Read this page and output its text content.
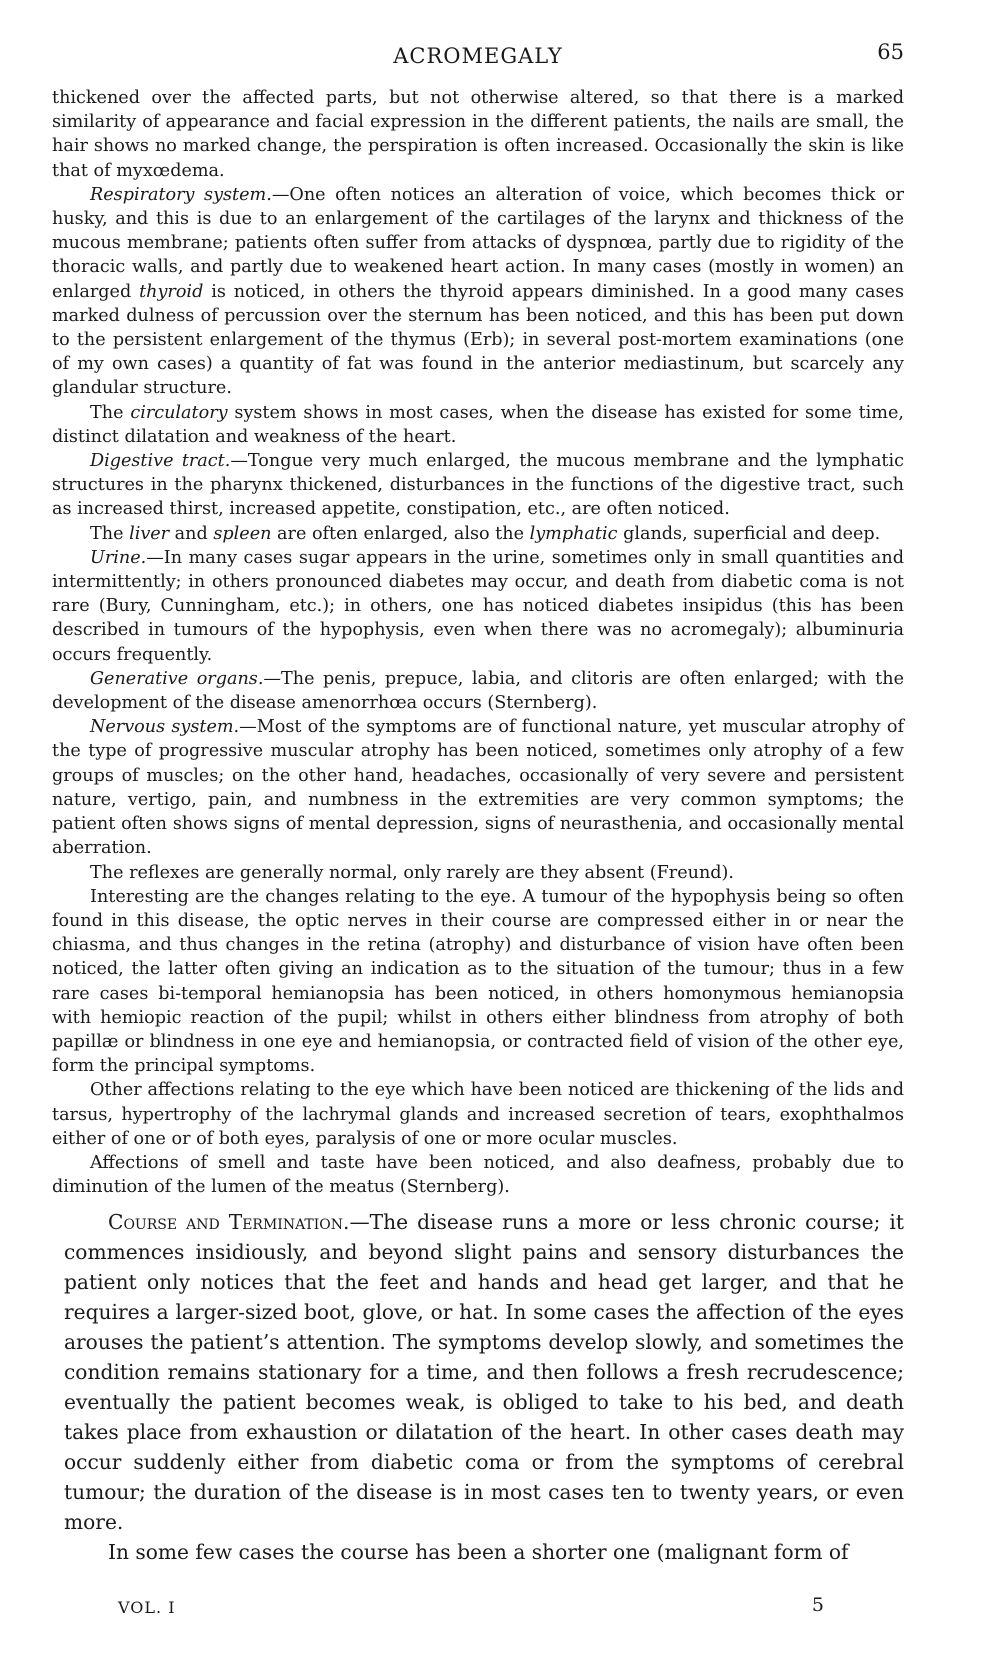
ACROMEGALY	65

thickened over the affected parts, but not otherwise altered, so that there is a marked similarity of appearance and facial expression in the different patients, the nails are small, the hair shows no marked change, the perspiration is often increased. Occasionally the skin is like that of myxœdema.

Respiratory system.—One often notices an alteration of voice, which becomes thick or husky, and this is due to an enlargement of the cartilages of the larynx and thickness of the mucous membrane; patients often suffer from attacks of dyspnœa, partly due to rigidity of the thoracic walls, and partly due to weakened heart action. In many cases (mostly in women) an enlarged thyroid is noticed, in others the thyroid appears diminished. In a good many cases marked dulness of percussion over the sternum has been noticed, and this has been put down to the persistent enlargement of the thymus (Erb); in several post-mortem examinations (one of my own cases) a quantity of fat was found in the anterior mediastinum, but scarcely any glandular structure.

The circulatory system shows in most cases, when the disease has existed for some time, distinct dilatation and weakness of the heart.

Digestive tract.—Tongue very much enlarged, the mucous membrane and the lymphatic structures in the pharynx thickened, disturbances in the functions of the digestive tract, such as increased thirst, increased appetite, constipation, etc., are often noticed.

The liver and spleen are often enlarged, also the lymphatic glands, superficial and deep.

Urine.—In many cases sugar appears in the urine, sometimes only in small quantities and intermittently; in others pronounced diabetes may occur, and death from diabetic coma is not rare (Bury, Cunningham, etc.); in others, one has noticed diabetes insipidus (this has been described in tumours of the hypophysis, even when there was no acromegaly); albuminuria occurs frequently.

Generative organs.—The penis, prepuce, labia, and clitoris are often enlarged; with the development of the disease amenorrhœa occurs (Sternberg).

Nervous system.—Most of the symptoms are of functional nature, yet muscular atrophy of the type of progressive muscular atrophy has been noticed, sometimes only atrophy of a few groups of muscles; on the other hand, headaches, occasionally of very severe and persistent nature, vertigo, pain, and numbness in the extremities are very common symptoms; the patient often shows signs of mental depression, signs of neurasthenia, and occasionally mental aberration.

The reflexes are generally normal, only rarely are they absent (Freund).

Interesting are the changes relating to the eye. A tumour of the hypophysis being so often found in this disease, the optic nerves in their course are compressed either in or near the chiasma, and thus changes in the retina (atrophy) and disturbance of vision have often been noticed, the latter often giving an indication as to the situation of the tumour; thus in a few rare cases bi-temporal hemianopsia has been noticed, in others homonymous hemianopsia with hemiopic reaction of the pupil; whilst in others either blindness from atrophy of both papillæ or blindness in one eye and hemianopsia, or contracted field of vision of the other eye, form the principal symptoms.

Other affections relating to the eye which have been noticed are thickening of the lids and tarsus, hypertrophy of the lachrymal glands and increased secretion of tears, exophthalmos either of one or of both eyes, paralysis of one or more ocular muscles.

Affections of smell and taste have been noticed, and also deafness, probably due to diminution of the lumen of the meatus (Sternberg).

Course and Termination.—The disease runs a more or less chronic course; it commences insidiously, and beyond slight pains and sensory disturbances the patient only notices that the feet and hands and head get larger, and that he requires a larger-sized boot, glove, or hat. In some cases the affection of the eyes arouses the patient’s attention. The symptoms develop slowly, and sometimes the condition remains stationary for a time, and then follows a fresh recrudescence; eventually the patient becomes weak, is obliged to take to his bed, and death takes place from exhaustion or dilatation of the heart. In other cases death may occur suddenly either from diabetic coma or from the symptoms of cerebral tumour; the duration of the disease is in most cases ten to twenty years, or even more.

In some few cases the course has been a shorter one (malignant form of

VOL. I	5
